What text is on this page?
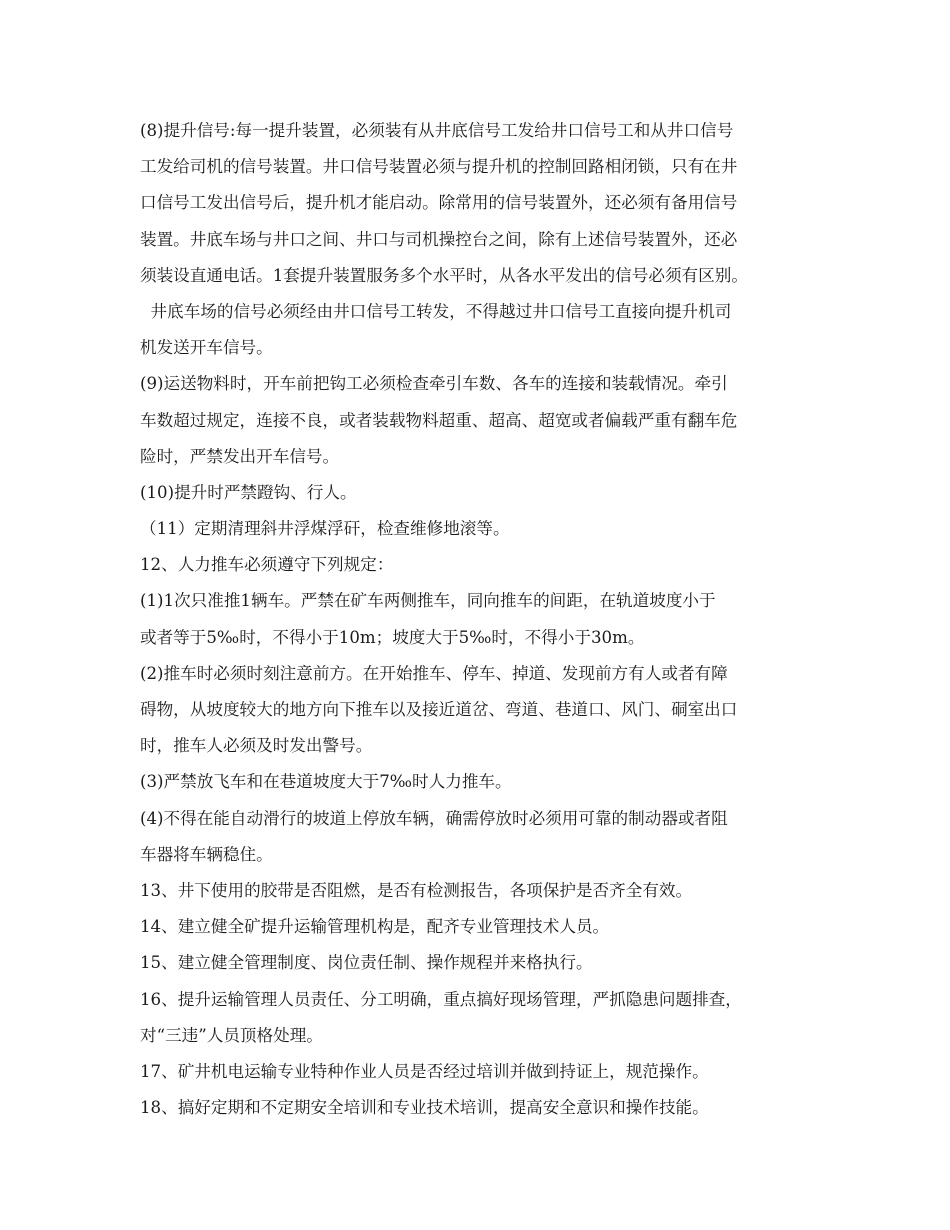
(8)提升信号:每一提升装置，必须装有从井底信号工发给井口信号工和从井口信号
工发给司机的信号装置。井口信号装置必须与提升机的控制回路相闭锁，只有在井
口信号工发出信号后，提升机才能启动。除常用的信号装置外，还必须有备用信号
装置。井底车场与井口之间、井口与司机操控台之间，除有上述信号装置外，还必
须装设直通电话。1套提升装置服务多个水平时，从各水平发出的信号必须有区别。
井底车场的信号必须经由井口信号工转发，不得越过井口信号工直接向提升机司
机发送开车信号。
(9)运送物料时，开车前把钩工必须检查牵引车数、各车的连接和装载情况。牵引
车数超过规定，连接不良，或者装载物料超重、超高、超宽或者偏载严重有翻车危
险时，严禁发出开车信号。
(10)提升时严禁蹬钩、行人。
（11）定期清理斜井浮煤浮矸，检查维修地滚等。
12、人力推车必须遵守下列规定：
(1)1次只准推1辆车。严禁在矿车两侧推车，同向推车的间距，在轨道坡度小于
或者等于5‰时，不得小于10m；坡度大于5‰时，不得小于30m。
(2)推车时必须时刻注意前方。在开始推车、停车、掉道、发现前方有人或者有障
碍物，从坡度较大的地方向下推车以及接近道岔、弯道、巷道口、风门、硐室出口
时，推车人必须及时发出警号。
(3)严禁放飞车和在巷道坡度大于7‰时人力推车。
(4)不得在能自动滑行的坡道上停放车辆，确需停放时必须用可靠的制动器或者阻
车器将车辆稳住。
13、井下使用的胶带是否阻燃，是否有检测报告，各项保护是否齐全有效。
14、建立健全矿提升运输管理机构是，配齐专业管理技术人员。
15、建立健全管理制度、岗位责任制、操作规程并来格执行。
16、提升运输管理人员责任、分工明确，重点搞好现场管理，严抓隐患问题排查，
对“三违”人员顶格处理。
17、矿井机电运输专业特种作业人员是否经过培训并做到持证上，规范操作。
18、搞好定期和不定期安全培训和专业技术培训，提高安全意识和操作技能。
